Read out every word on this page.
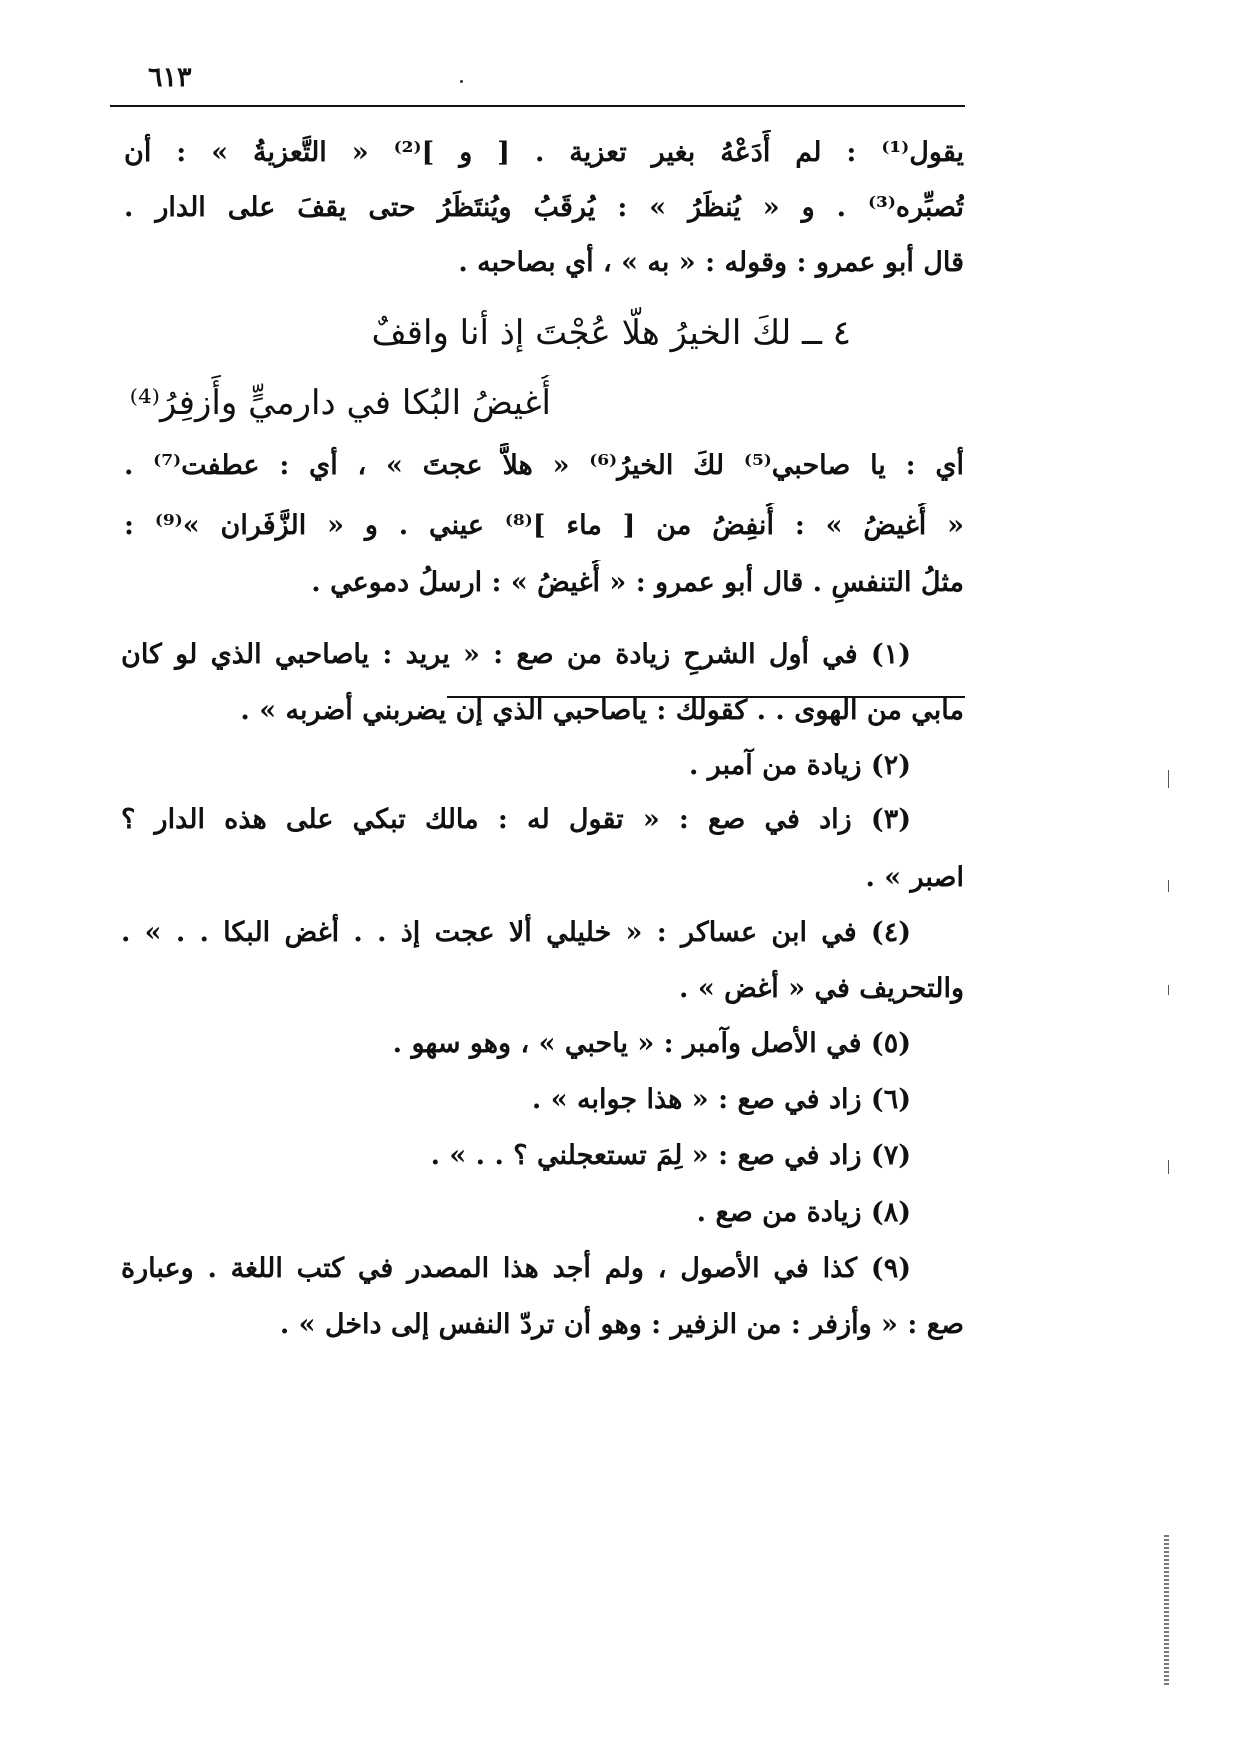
٦١٣
يقول⁽¹⁾ : لم أَدَعْهُ بغير تعزية . [ و ]⁽²⁾ « التَّعزيةُ » : أن
تُصبِّره⁽³⁾ . و « يُنظَرُ » : يُرقَبُ ويُنتَظَرُ حتى يقفَ على الدار .
قال أبو عمرو : وقوله : « به » ، أي بصاحبه .
٤ ــ لكَ الخيرُ هلّا عُجْتَ إذ أنا واقفٌ
أُغيضُ البُكا في دارميٍّ وأَزفِرُ⁽⁴⁾
أي : يا صاحبي⁽⁵⁾ لكَ الخيرُ⁽⁶⁾ « هلاَّ عجتَ » ، أي : عطفت⁽⁷⁾ .
« أُغيضُ » : أُنفِضُ من [ ماء ]⁽⁸⁾ عيني . و « الزَّفَران »⁽⁹⁾ :
مثلُ التنفسِ . قال أبو عمرو : « أُغيضُ » : ارسلُ دموعي .
(١) في أول الشرحِ زيادة من صع : « يريد : ياصاحبي الذي لو كان
مابي من الهوى . . كقولك : ياصاحبي الذي إن يضربني أضربه » .
(٢) زيادة من آمبر .
(٣) زاد في صع : « تقول له : مالك تبكي على هذه الدار ؟
اصبر » .
(٤) في ابن عساكر : « خليلي ألا عجت إذ . . أغض البكا . . » .
والتحريف في « أغض » .
(٥) في الأصل وآمبر : « ياحبي » ، وهو سهو .
(٦) زاد في صع : « هذا جوابه » .
(٧) زاد في صع : « لِمَ تستعجلني ؟ . . » .
(٨) زيادة من صع .
(٩) كذا في الأصول ، ولم أجد هذا المصدر في كتب اللغة . وعبارة
صع : « وأزفر : من الزفير : وهو أن تردّ النفس إلى داخل » .
